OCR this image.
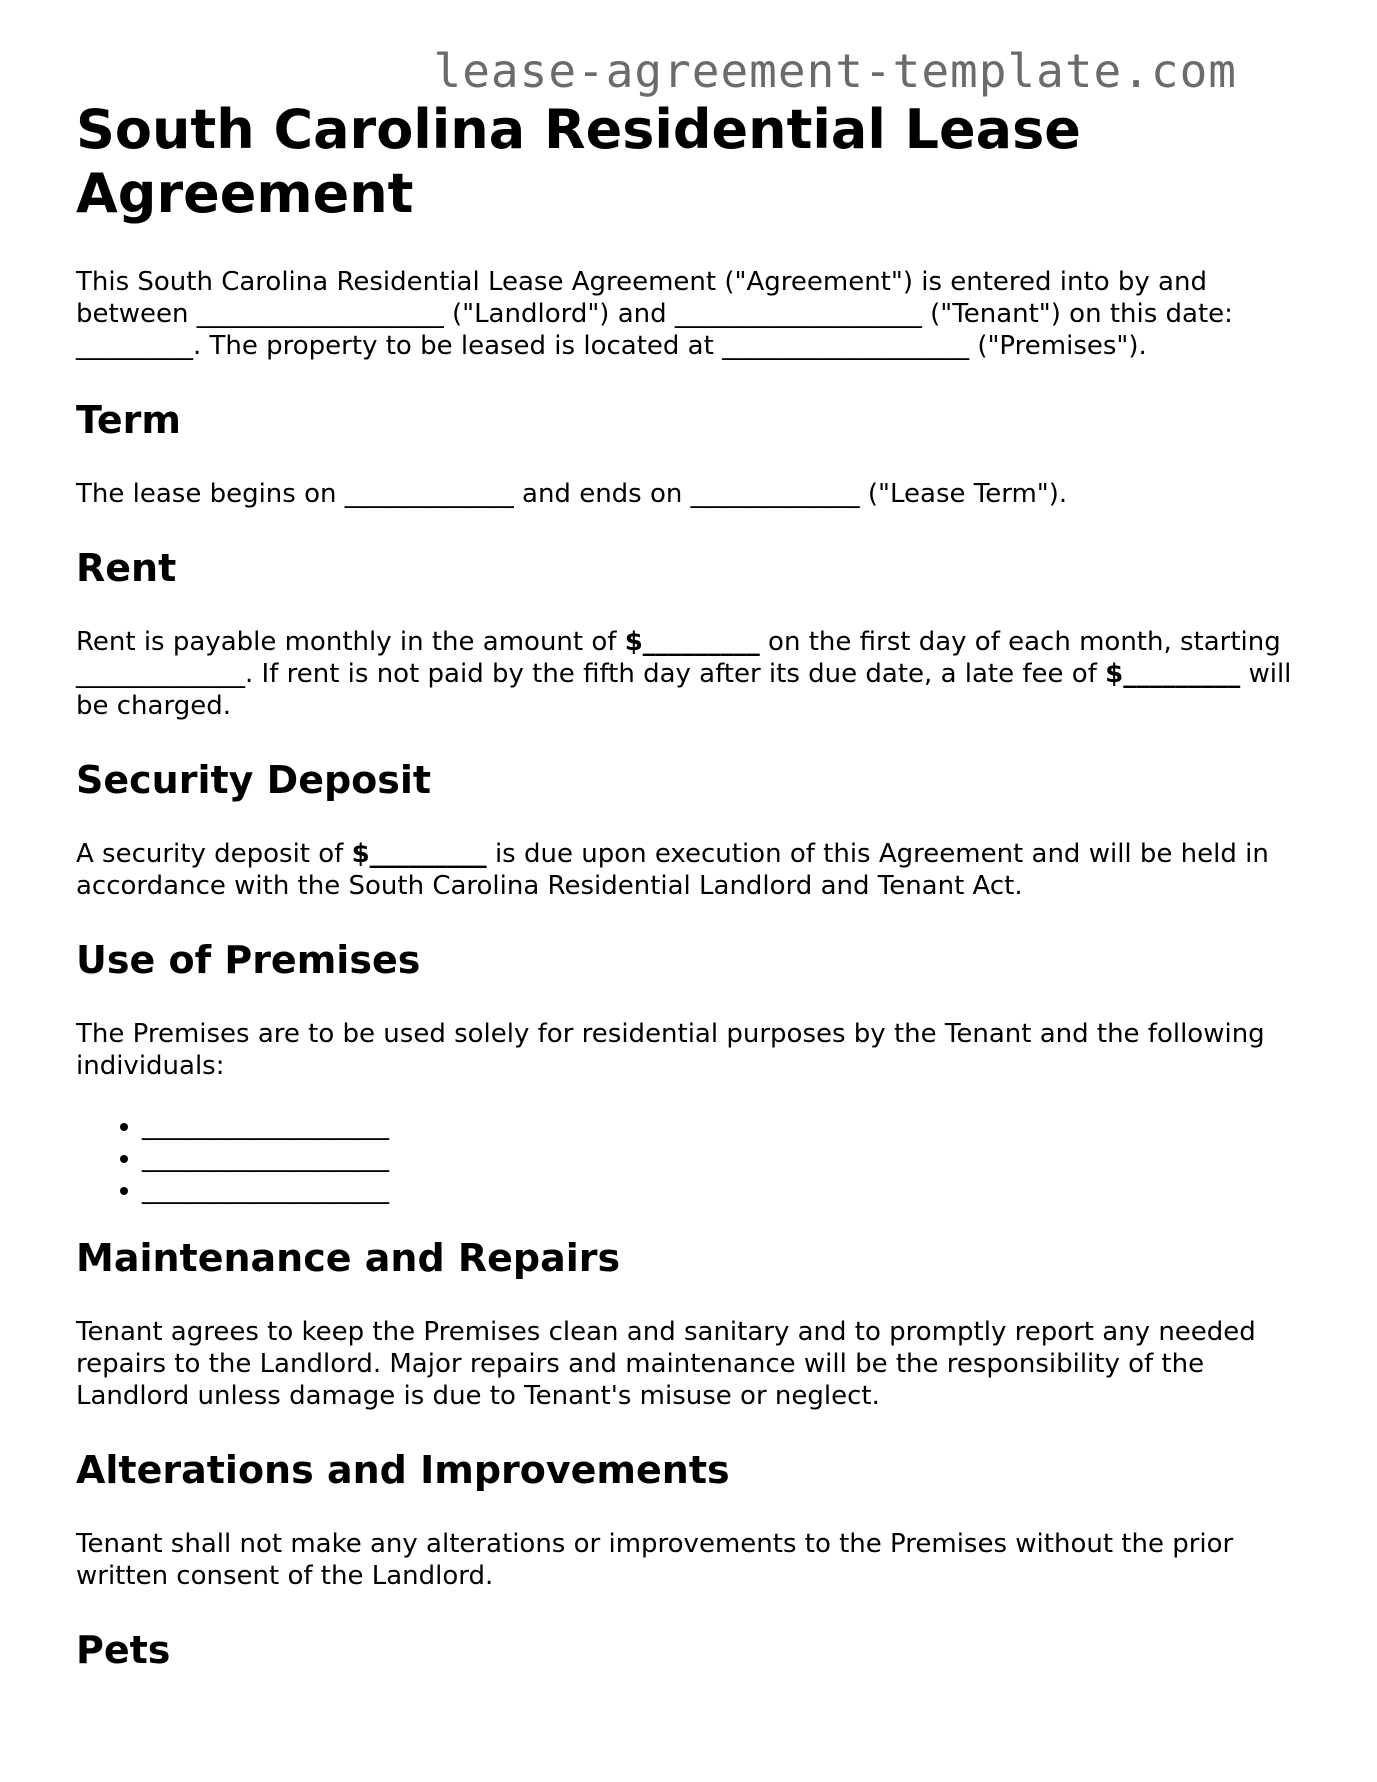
lease-agreement-template.com
South Carolina Residential Lease Agreement

This South Carolina Residential Lease Agreement ("Agreement") is entered into by and between ___________________ ("Landlord") and ___________________ ("Tenant") on this date: _________. The property to be leased is located at ___________________ ("Premises").

Term

The lease begins on _____________ and ends on _____________ ("Lease Term").

Rent

Rent is payable monthly in the amount of $_________ on the first day of each month, starting _____________. If rent is not paid by the fifth day after its due date, a late fee of $_________ will be charged.

Security Deposit

A security deposit of $_________ is due upon execution of this Agreement and will be held in accordance with the South Carolina Residential Landlord and Tenant Act.

Use of Premises

The Premises are to be used solely for residential purposes by the Tenant and the following individuals:

• ___________________
• ___________________
• ___________________
Maintenance and Repairs

Tenant agrees to keep the Premises clean and sanitary and to promptly report any needed repairs to the Landlord. Major repairs and maintenance will be the responsibility of the Landlord unless damage is due to Tenant's misuse or neglect.

Alterations and Improvements

Tenant shall not make any alterations or improvements to the Premises without the prior written consent of the Landlord.

Pets
